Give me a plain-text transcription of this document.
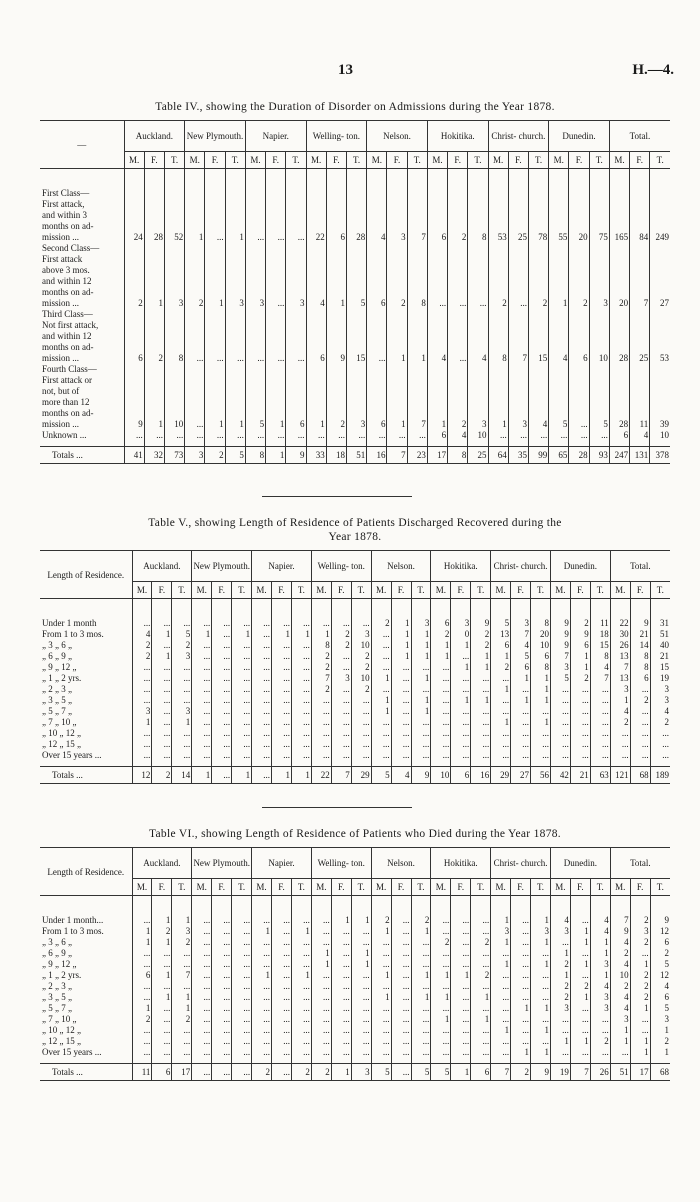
13	H.—4.
Table IV., showing the Duration of Disorder on Admissions during the Year 1878.
—	Auckland.			New Plymouth.			Napier.			Welling- ton.			Nelson.			Hokitika.			Christ- church.			Dunedin.			Total.		
	M.	F.	T.	M.	F.	T.	M.	F.	T.	M.	F.	T.	M.	F.	T.	M.	F.	T.	M.	F.	T.	M.	F.	T.	M.	F.	T.

First Class—																											
First attack,																											
and within 3																											
months on ad-																											
mission ...	24	28	52	1	...	1	...	...	...	22	6	28	4	3	7	6	2	8	53	25	78	55	20	75	165	84	249
Second Class—																											
First attack																											
above 3 mos.																											
and within 12																											
months on ad-																											
mission ...	2	1	3	2	1	3	3	...	3	4	1	5	6	2	8	...	...	...	2	...	2	1	2	3	20	7	27
Third Class—																											
Not first attack,																											
and within 12																											
months on ad-																											
mission ...	6	2	8	...	...	...	...	...	...	6	9	15	...	1	1	4	...	4	8	7	15	4	6	10	28	25	53
Fourth Class—																											
First attack or																											
not, but of																											
more than 12																											
months on ad-																											
mission ...	9	1	10	...	1	1	5	1	6	1	2	3	6	1	7	1	2	3	1	3	4	5	...	5	28	11	39
Unknown ...	...	...	...	...	...	...	...	...	...	...	...	...	...	...	...	6	4	10	...	...	...	...	...	...	6	4	10

Totals ...	41	32	73	3	2	5	8	1	9	33	18	51	16	7	23	17	8	25	64	35	99	65	28	93	247	131	378
Table V., showing Length of Residence of Patients Discharged Recovered during the
Year 1878.
Length of Residence.	Auckland.			New Plymouth.			Napier.			Welling- ton.			Nelson.			Hokitika.			Christ- church.			Dunedin.			Total.		
	M.	F.	T.	M.	F.	T.	M.	F.	T.	M.	F.	T.	M.	F.	T.	M.	F.	T.	M.	F.	T.	M.	F.	T.	M.	F.	T.

Under 1 month	...	...	...	...	...	...	...	...	...	...	...	...	2	1	3	6	3	9	5	3	8	9	2	11	22	9	31
From 1 to 3 mos.	4	1	5	1	...	1	...	1	1	1	2	3	...	1	1	2	0	2	13	7	20	9	9	18	30	21	51
„ 3 „ 6 „	2	...	2	...	...	...	...	...	...	8	2	10	...	1	1	1	1	2	6	4	10	9	6	15	26	14	40
„ 6 „ 9 „	2	1	3	...	...	...	...	...	...	2	...	2	...	1	1	1	...	1	1	5	6	7	1	8	13	8	21
„ 9 „ 12 „	...	...	...	...	...	...	...	...	...	2	...	2	...	...	...	...	1	1	2	6	8	3	1	4	7	8	15
„ 1 „ 2 yrs.	...	...	...	...	...	...	...	...	...	7	3	10	1	...	1	...	...	...	...	1	1	5	2	7	13	6	19
„ 2 „ 3 „	...	...	...	...	...	...	...	...	...	2	...	2	...	...	...	...	...	...	1	...	1	...	...	...	3	...	3
„ 3 „ 5 „	...	...	...	...	...	...	...	...	...	...	...	...	1	...	1	...	1	1	...	1	1	...	...	...	1	2	3
„ 5 „ 7 „	3	...	3	...	...	...	...	...	...	...	...	...	1	...	1	...	...	...	...	...	...	...	...	...	4	...	4
„ 7 „ 10 „	1	...	1	...	...	...	...	...	...	...	...	...	...	...	...	...	...	...	1	...	1	...	...	...	2	...	2
„ 10 „ 12 „	...	...	...	...	...	...	...	...	...	...	...	...	...	...	...	...	...	...	...	...	...	...	...	...	...	...	...
„ 12 „ 15 „	...	...	...	...	...	...	...	...	...	...	...	...	...	...	...	...	...	...	...	...	...	...	...	...	...	...	...
Over 15 years ...	...	...	...	...	...	...	...	...	...	...	...	...	...	...	...	...	...	...	...	...	...	...	...	...	...	...	...

Totals ...	12	2	14	1	...	1	...	1	1	22	7	29	5	4	9	10	6	16	29	27	56	42	21	63	121	68	189
Table VI., showing Length of Residence of Patients who Died during the Year 1878.
Length of Residence.	Auckland.			New Plymouth.			Napier.			Welling- ton.			Nelson.			Hokitika.			Christ- church.			Dunedin.			Total.		
	M.	F.	T.	M.	F.	T.	M.	F.	T.	M.	F.	T.	M.	F.	T.	M.	F.	T.	M.	F.	T.	M.	F.	T.	M.	F.	T.

Under 1 month...	...	1	1	...	...	...	...	...	...	...	1	1	2	...	2	...	...	...	1	...	1	4	...	4	7	2	9
From 1 to 3 mos.	1	2	3	...	...	...	1	...	1	...	...	...	1	...	1	...	...	...	3	...	3	3	1	4	9	3	12
„ 3 „ 6 „	1	1	2	...	...	...	...	...	...	...	...	...	...	...	...	2	...	2	1	...	1	...	1	1	4	2	6
„ 6 „ 9 „	...	...	...	...	...	...	...	...	...	1	...	1	...	...	...	...	...	...	...	...	...	1	...	1	2	...	2
„ 9 „ 12 „	...	...	...	...	...	...	...	...	...	1	...	1	...	...	...	...	...	...	1	...	1	2	1	3	4	1	5
„ 1 „ 2 yrs.	6	1	7	...	...	...	1	...	1	...	...	...	1	...	1	1	1	2	...	...	...	1	...	1	10	2	12
„ 2 „ 3 „	...	...	...	...	...	...	...	...	...	...	...	...	...	...	...	...	...	...	...	...	...	2	2	4	2	2	4
„ 3 „ 5 „	...	1	1	...	...	...	...	...	...	...	...	...	1	...	1	1	...	1	...	...	...	2	1	3	4	2	6
„ 5 „ 7 „	1	...	1	...	...	...	...	...	...	...	...	...	...	...	...	...	...	...	...	1	1	3	...	3	4	1	5
„ 7 „ 10 „	2	...	2	...	...	...	...	...	...	...	...	...	...	...	...	1	...	1	...	...	...	...	...	...	3	...	3
„ 10 „ 12 „	...	...	...	...	...	...	...	...	...	...	...	...	...	...	...	...	...	...	1	...	1	...	...	...	1	...	1
„ 12 „ 15 „	...	...	...	...	...	...	...	...	...	...	...	...	...	...	...	...	...	...	...	...	...	1	1	2	1	1	2
Over 15 years ...	...	...	...	...	...	...	...	...	...	...	...	...	...	...	...	...	...	...	...	1	1	...	...	...	...	1	1

Totals ...	11	6	17	...	...	...	2	...	2	2	1	3	5	...	5	5	1	6	7	2	9	19	7	26	51	17	68
